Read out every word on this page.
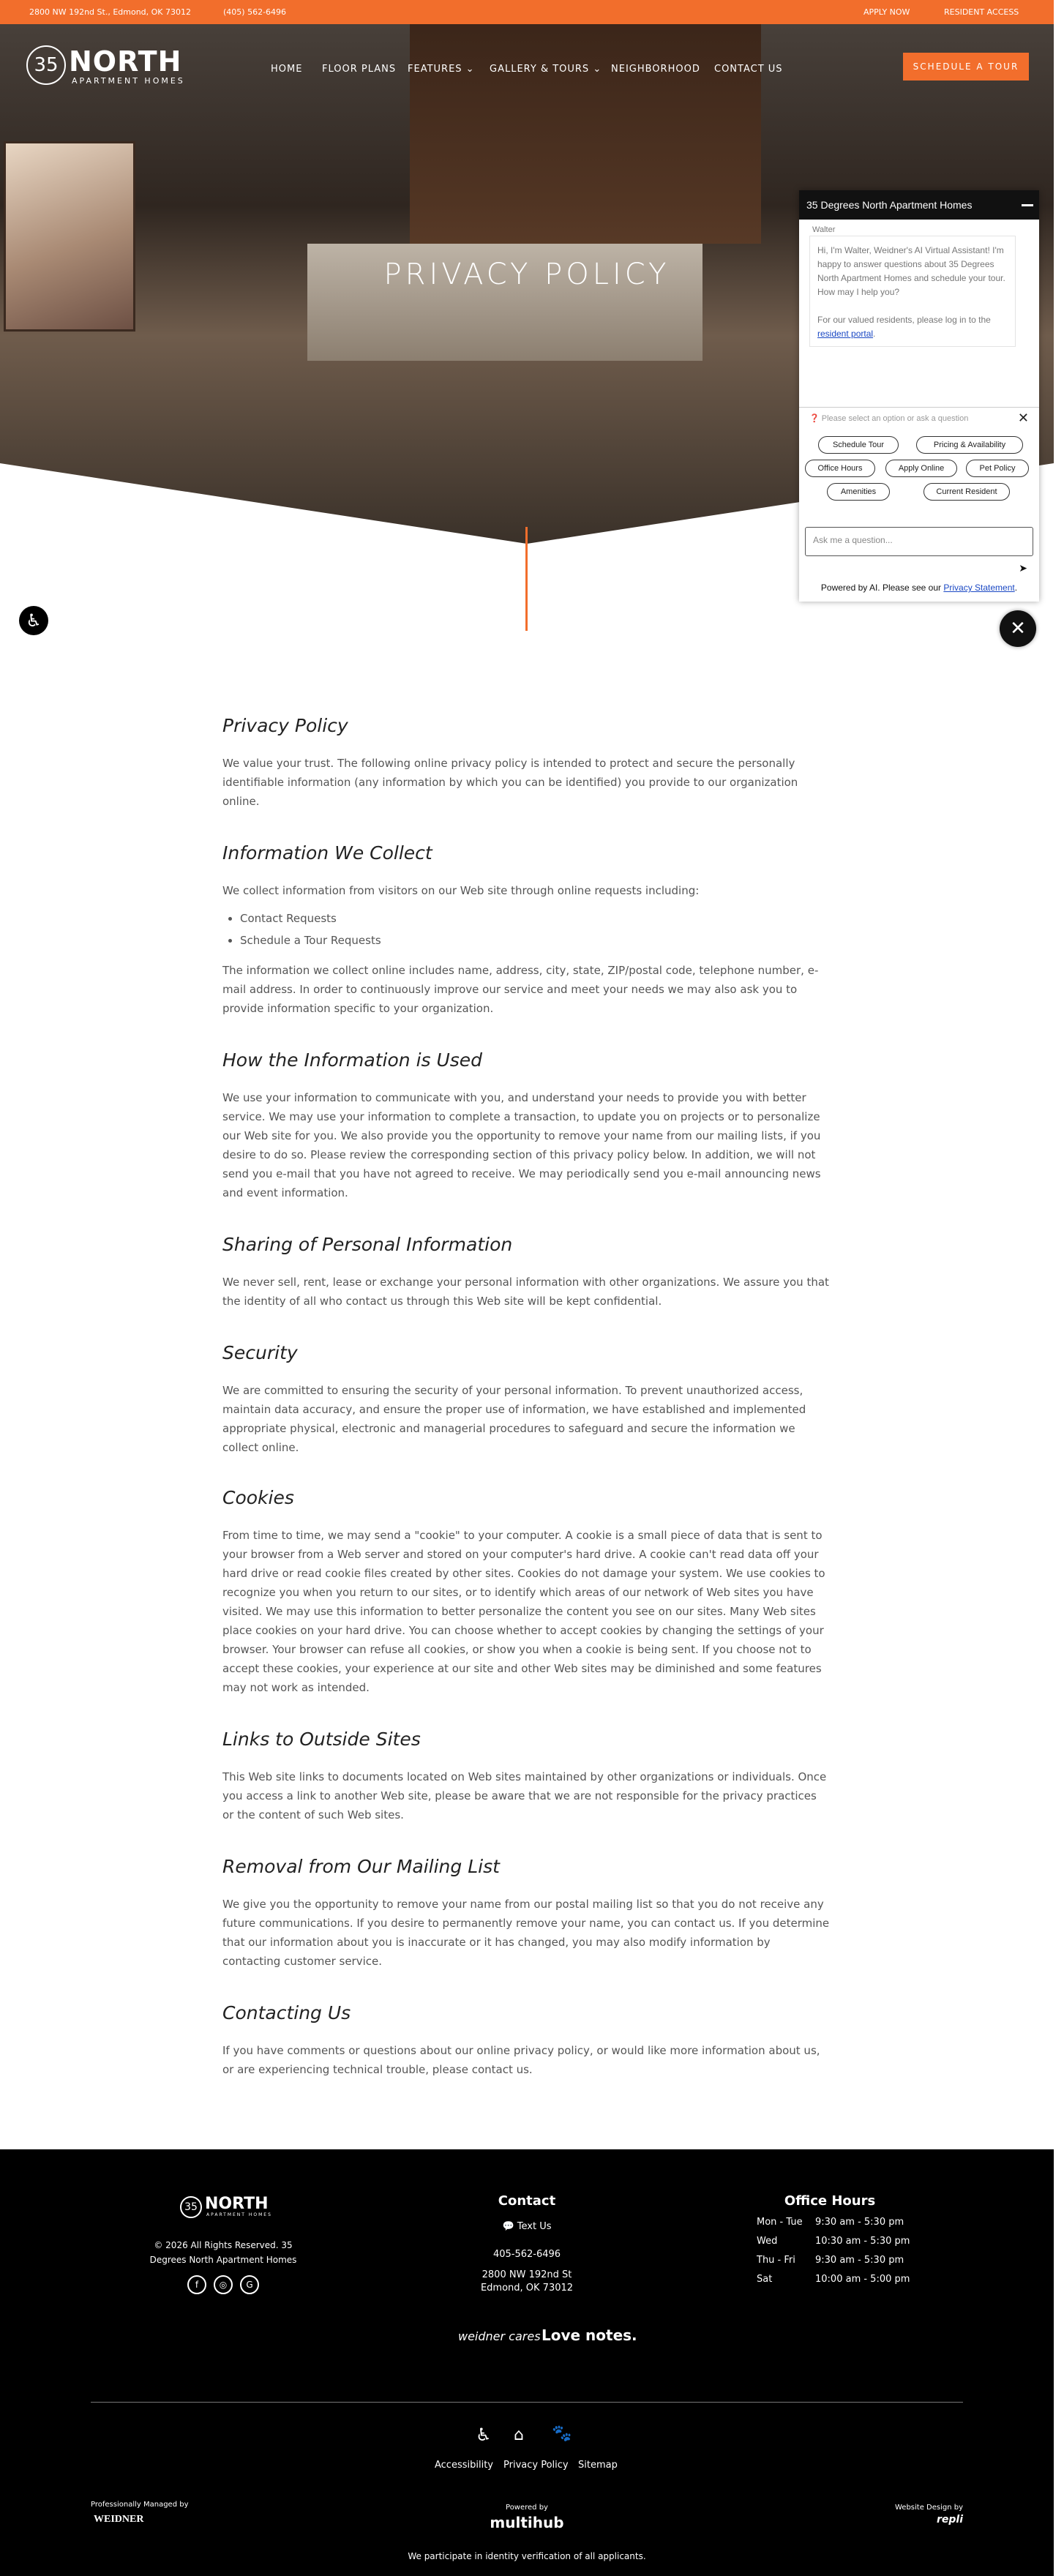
2800 NW 192nd St., Edmond, OK 73012	(405) 562-6496	APPLY NOW	RESIDENT ACCESS
35 NORTH
APARTMENT HOMES
HOME FLOOR PLANS FEATURES ⌄ GALLERY & TOURS ⌄ NEIGHBORHOOD CONTACT US	SCHEDULE A TOUR
PRIVACY POLICY
♿
35 Degrees North Apartment Homes
Walter
Hi, I'm Walter, Weidner's AI Virtual Assistant! I'm happy to answer questions about 35 Degrees North Apartment Homes and schedule your tour. How may I help you?
For our valued residents, please log in to the resident portal.
❓ Please select an option or ask a question	✕
Schedule Tour	Pricing & Availability
Office Hours	Apply Online	Pet Policy
Amenities	Current Resident
Ask me a question...
➤
Powered by AI. Please see our Privacy Statement.
✕
Privacy Policy

We value your trust. The following online privacy policy is intended to protect and secure the personally identifiable information (any information by which you can be identified) you provide to our organization online.

Information We Collect

We collect information from visitors on our Web site through online requests including:

• Contact Requests
• Schedule a Tour Requests

The information we collect online includes name, address, city, state, ZIP/postal code, telephone number, e-mail address. In order to continuously improve our service and meet your needs we may also ask you to provide information specific to your organization.

How the Information is Used

We use your information to communicate with you, and understand your needs to provide you with better service. We may use your information to complete a transaction, to update you on projects or to personalize our Web site for you. We also provide you the opportunity to remove your name from our mailing lists, if you desire to do so. Please review the corresponding section of this privacy policy below. In addition, we will not send you e-mail that you have not agreed to receive. We may periodically send you e-mail announcing news and event information.

Sharing of Personal Information

We never sell, rent, lease or exchange your personal information with other organizations. We assure you that the identity of all who contact us through this Web site will be kept confidential.

Security

We are committed to ensuring the security of your personal information. To prevent unauthorized access, maintain data accuracy, and ensure the proper use of information, we have established and implemented appropriate physical, electronic and managerial procedures to safeguard and secure the information we collect online.

Cookies

From time to time, we may send a "cookie" to your computer. A cookie is a small piece of data that is sent to your browser from a Web server and stored on your computer's hard drive. A cookie can't read data off your hard drive or read cookie files created by other sites. Cookies do not damage your system. We use cookies to recognize you when you return to our sites, or to identify which areas of our network of Web sites you have visited. We may use this information to better personalize the content you see on our sites. Many Web sites place cookies on your hard drive. You can choose whether to accept cookies by changing the settings of your browser. Your browser can refuse all cookies, or show you when a cookie is being sent. If you choose not to accept these cookies, your experience at our site and other Web sites may be diminished and some features may not work as intended.

Links to Outside Sites

This Web site links to documents located on Web sites maintained by other organizations or individuals. Once you access a link to another Web site, please be aware that we are not responsible for the privacy practices or the content of such Web sites.

Removal from Our Mailing List

We give you the opportunity to remove your name from our postal mailing list so that you do not receive any future communications. If you desire to permanently remove your name, you can contact us. If you determine that our information about you is inaccurate or it has changed, you may also modify information by contacting customer service.

Contacting Us

If you have comments or questions about our online privacy policy, or would like more information about us, or are experiencing technical trouble, please contact us.

35 NORTH
APARTMENT HOMES
© 2026 All Rights Reserved. 35 Degrees North Apartment Homes
f	◎	G
Contact
💬 Text Us
405-562-6496
2800 NW 192nd St
Edmond, OK 73012
Office Hours
Mon - Tue 9:30 am - 5:30 pm
Wed	10:30 am - 5:30 pm
Thu - Fri 9:30 am - 5:30 pm
Sat	10:00 am - 5:00 pm
weidner cares Love notes.
♿ ⌂ 🐾
Accessibility Privacy Policy Sitemap
Professionally Managed by
WEIDNER
Powered by
multihub
Website Design by
repli
We participate in identity verification of all applicants.
